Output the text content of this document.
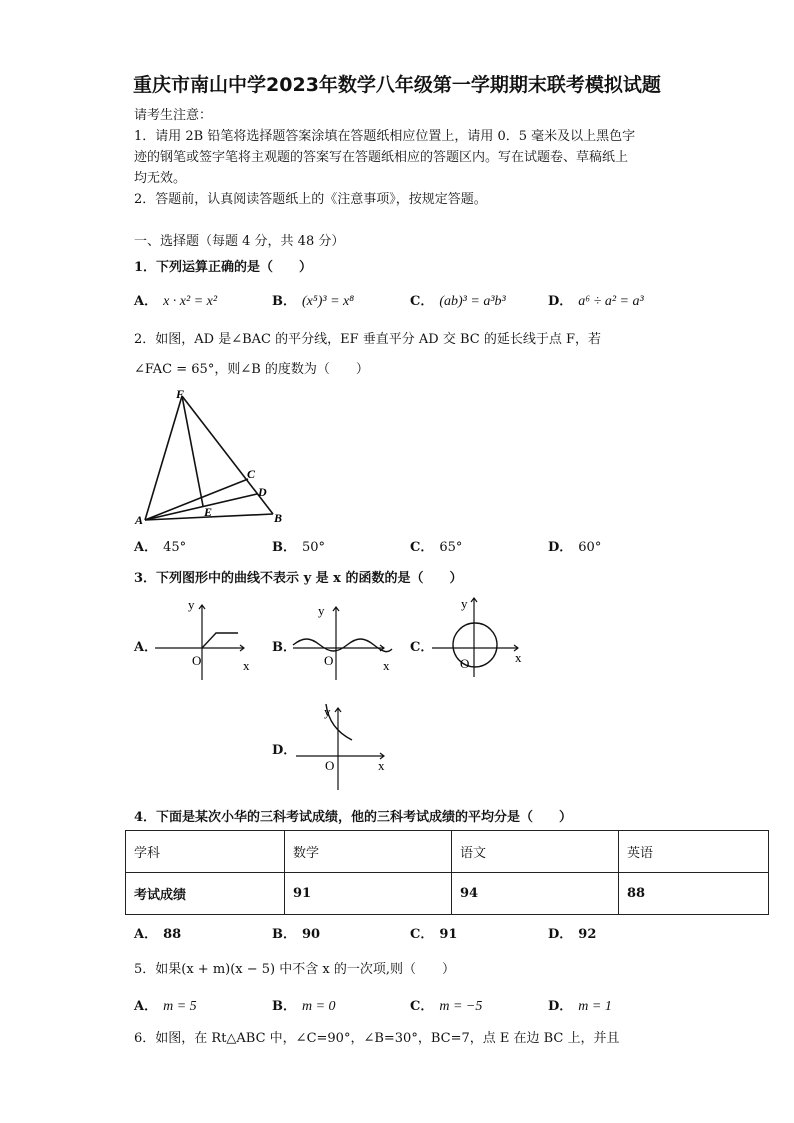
重庆市南山中学2023年数学八年级第一学期期末联考模拟试题
请考生注意：
1．请用 2B 铅笔将选择题答案涂填在答题纸相应位置上，请用 0．5 毫米及以上黑色字
迹的钢笔或签字笔将主观题的答案写在答题纸相应的答题区内。写在试题卷、草稿纸上
均无效。
2．答题前，认真阅读答题纸上的《注意事项》，按规定答题。
一、选择题（每题 4 分，共 48 分）
1．下列运算正确的是（　　）
A． x · x² = x²	B． (x⁵)³ = x⁸	C． (ab)³ = a³b³	D． a⁶ ÷ a² = a³
2．如图，AD 是∠BAC 的平分线，EF 垂直平分 AD 交 BC 的延长线于点 F，若
∠FAC = 65°，则∠B 的度数为（　　）
F
C
D
A
E	B
A． 45°	B． 50°	C． 65°	D． 60°
3．下列图形中的曲线不表示 y 是 x 的函数的是（　　）
A．
y
O	x
B．
y
O	x
C．
y
O	x
D．
y
O	x
4．下面是某次小华的三科考试成绩，他的三科考试成绩的平均分是（　　）
学科	数学	语文	英语
考试成绩	91	94	88
A． 88	B． 90	C． 91	D． 92
5．如果(x + m)(x − 5) 中不含 x 的一次项,则（　　）
A． m = 5	B． m = 0	C． m = −5	D． m = 1
6．如图，在 Rt△ABC 中，∠C=90°，∠B=30°，BC=7，点 E 在边 BC 上，并且
